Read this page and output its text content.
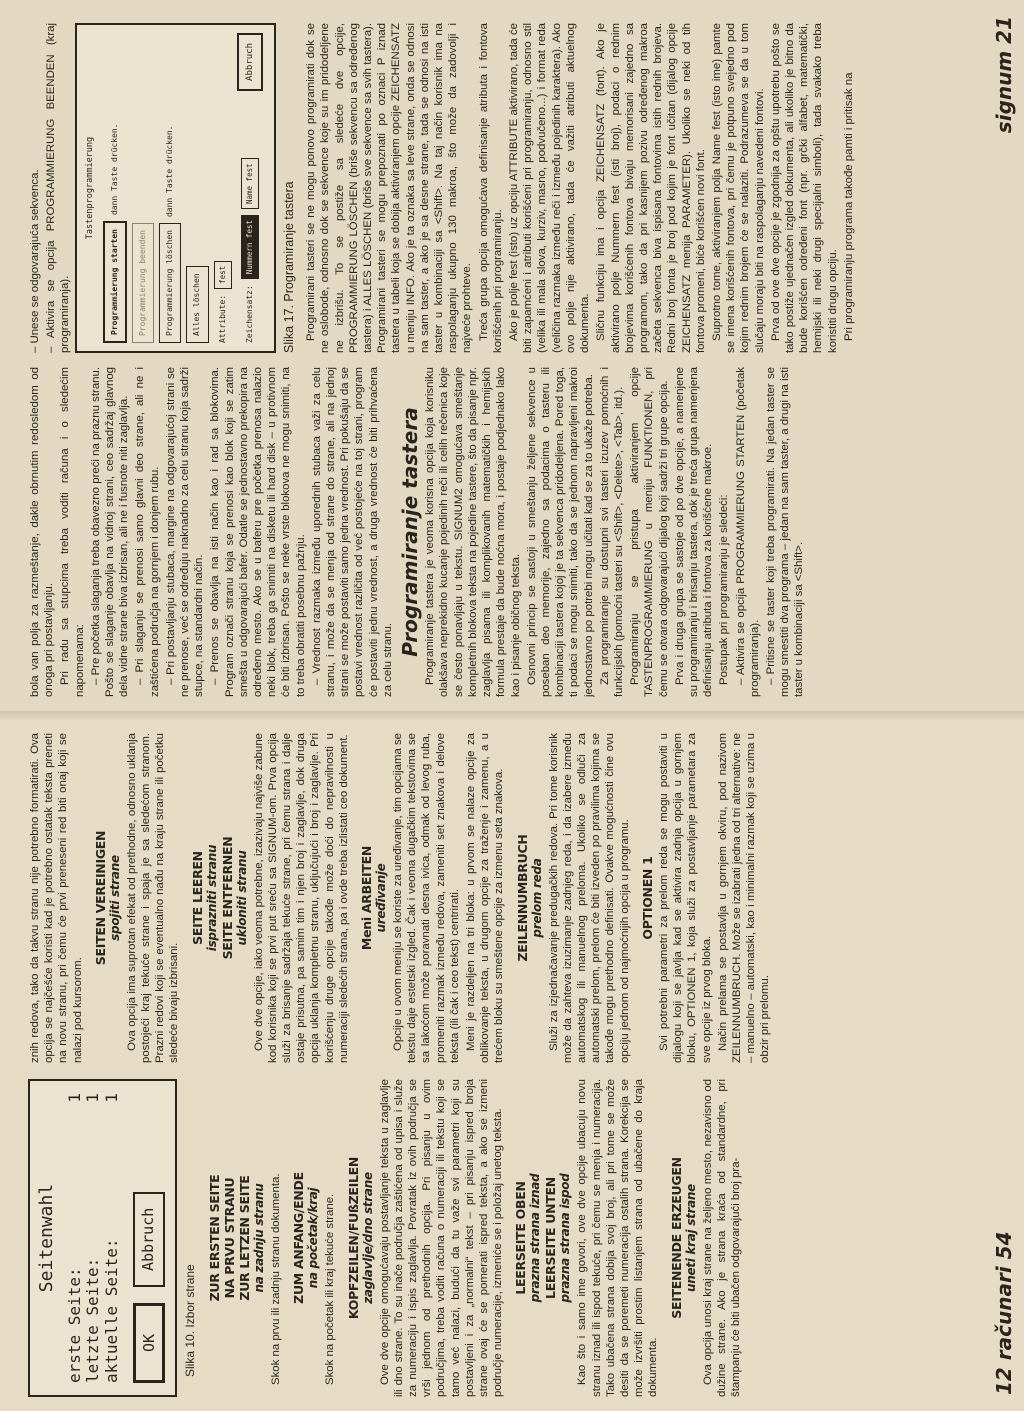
Seitenwahl
erste Seite:
1
letzte Seite:
1
aktuelle Seite:
1
OK
Abbruch
Slika 10. Izbor strane
ZUR ERSTEN SEITE NA PRVU STRANU ZUR LETZEN SEITE na zadnju stranu Skok na prvu ili zadnju stranu dokumenta. ZUM ANFANG/ENDE na početak/kraj Skok na početak ili kraj tekuće strane. KOPFZEILEN/FUßZEILEN zaglavlje/dno strane Ove dve opcije omogućavaju postavljanje teksta u zaglavlje ili dno strane. To su inače područja zaštićena od upisa i služe za numeraciju i ispis zaglavlja. Povratak iz ovih područja se vrši jednom od prethodnih opcija. Pri pisanju u ovim područjima, treba voditi računa o numeraciji ili tekstu koji se tamo već nalazi, budući da tu važe svi parametri koji su postavljeni i za „normalni“ tekst – pri pisanju ispred broja strane ovaj će se pomerati ispred teksta, a ako se izmeni područje numeracije, izmeniće se i položaj unetog teksta. LEERSEITE OBEN prazna strana iznad LEERSEITE UNTEN prazna strana ispod Kao što i samo ime govori, ove dve opcije ubacuju novu stranu iznad ili ispod tekuće, pri čemu se menja i numeracija. Tako ubačena strana dobija svoj broj, ali pri tome se može desiti da se poremeti numeracija ostalih strana. Korekcija se može izvršiti prostim listanjem strana od ubačene do kraja dokumenta.

SEITENENDE ERZEUGEN uneti kraj strane Ova opcija unosi kraj strane na željeno mesto, nezavisno od dužine strane. Ako je strana kraća od standardne, pri štampanju će biti ubačen odgovarajući broj pra-

znih redova, tako da takvu stranu nije potrebno formatirati. Ova opcija se najčešće koristi kad je potrebno ostatak teksta preneti na novu stranu, pri čemu će prvi preneseni red biti onaj koji se nalazi pod kursorom.

SEITEN VEREINIGEN spojiti strane Ova opcija ima suprotan efekat od prethodne, odnosno uklanja postojeći kraj tekuće strane i spaja je sa sledećom stranom. Prazni redovi koji se eventualno nađu na kraju strane ili početku sledeće bivaju izbrisani.

SEITE LEEREN isprazniti stranu SEITE ENTFERNEN ukloniti stranu Ove dve opcije, iako veoma potrebne, izazivaju najviše zabune kod korisnika koji se prvi put sreću sa SIGNUM-om. Prva opcija služi za brisanje sadržaja tekuće strane, pri čemu strana i dalje ostaje prisutna, pa samim tim i njen broj i zaglavlje, dok druga opcija uklanja kompletnu stranu, uključujući i broj i zaglavlje. Pri korišćenju druge opcije takođe može doći do nepravilnosti u numeraciji sledećih strana, pa i ovde treba izlistati ceo dokument. Meni ARBEITEN uređivanje Opcije u ovom meniju se koriste za uređivanje, tim opcijama se tekstu daje estetski izgled. Čak i veoma dugačkim tekstovima se sa lakoćom može poravnati desna ivica, odmak od levog ruba, promeniti razmak između redova, zameniti set znakova i delove teksta (ili čak i ceo tekst) centrirati. Meni je razdeljen na tri bloka: u prvom se nalaze opcije za oblikovanje teksta, u drugom opcije za traženje i zamenu, a u trećem bloku su smeštene opcije za izmenu seta znakova. ZEILENNUMBRUCH prelom reda Služi za izjednačavanje predugačkih redova. Pri tome korisnik može da zahteva izuzimanje zadnjeg reda, i da izabere između automatskog ili manuelnog preloma. Ukoliko se odluči za automatski prelom, prelom će biti izveden po pravilima kojima se takođe mogu prethodno definisati. Ovakve mogućnosti čine ovu opciju jednom od najmoćnijih opcija u programu. OPTIONEN 1 Svi potrebni parametri za prelom reda se mogu postaviti u dijalogu koji se javlja kad se aktivira zadnja opcija u gornjem bloku, OPTIONEN 1, koja služi za postavljanje parametara za sve opcije iz prvog bloka. Način prelama se postavlja u gornjem okviru, pod nazivom ZEILENNUMBRUCH. Može se izabrati jedna od tri alternative: ne – manuelno – automatski, kao i minimalni razmak koji se uzima u obzir pri prelomu.

12 računari 54

bola van polja za razmeštanje, dakle obrnutim redosledom od onoga pri postavljanju. Pri radu sa stupcima treba voditi računa i o sledećim napomenama: – Pre početka slaganja treba obavezno preći na praznu stranu. Pošto se slaganje obavlja na vidnoj strani, ceo sadržaj glavnog dela vidne strane biva izbrisan, ali ne i fusnote niti zaglavlja. – Pri slaganju se prenosi samo glavni deo strane, ali ne i zaštićena područja na gornjem i donjem rubu. – Pri postavljanju stubaca, margine na odgovarajućoj strani se ne prenose, već se određuju naknadno za celu stranu koja sadrži stupce, na standardni način. – Prenos se obavlja na isti način kao i rad sa blokovima. Program označi stranu koja se prenosi kao blok koji se zatim smešta u odgovarajući bafer. Odatle se jednostavno prekopira na određeno mesto. Ako se u baferu pre početka prenosa nalazio neki blok, treba ga snimiti na disketu ili hard disk – u protivnom će biti izbrisan. Pošto se neke vrste blokova ne mogu snimiti, na to treba obratiti posebnu pažnju. – Vrednost razmaka između uporednih stubaca važi za celu stranu, i može da se menja od strane do strane, ali na jednoj strani se može postaviti samo jedna vrednost. Pri pokušaju da se postavi vrednost različita od već postojeće na toj strani, program će postaviti jednu vrednost, a druga vrednost će biti prihvaćena za celu stranu.

Programiranje tastera Programiranje tastera je veoma korisna opcija koja korisniku olakšava neprekidno kucanje pojedinih reči ili celih rečenica koje se često ponavljaju u tekstu. SIGNUM2 omogućava smeštanje kompletnih blokova teksta na pojedine tastere, što da pisanje npr. zaglavlja pisama ili komplikovanih matematičkih i hemijskih formula prestaje da bude noćna mora, i postaje podjednako lako kao i pisanje običnog teksta. Osnovni princip se sastoji u smeštanju željene sekvence u poseban deo memorije, zajedno sa podacima o tasteru ili kombinaciji tastera kojoj je ta sekvenca pridodeljena. Pored toga, ti podaci se mogu snimiti, tako da se jednom napravljeni makroi jednostavno po potrebi mogu učitati kad se za to ukaže potreba. Za programiranje su dostupni svi tasteri izuzev pomoćnih i funkcijskih (pomoćni tasteri su <Shift>, <Delete>, <Tab>, itd.). Programiranju se pristupa aktiviranjem opcije TASTENPROGRAMMIERUNG u meniju FUNKTIONEN, pri čemu se otvara odgovarajući dijalog koji sadrži tri grupe opcija. Prva i druga grupa se sastoje od po dve opcije, a namenjene su programiranju i brisanju tastera, dok je treća grupa namenjena definisanju atributa i fontova za korišćene makroe. Postupak pri programiranju je sledeći: – Aktivira se opcija PROGRAMMIERUNG STARTEN (početak programiranja). – Pritisne se taster koji treba programirati. Na jedan taster se mogu smestiti dva programa – jedan na sam taster, a drugi na isti taster u kombinaciji sa <Shift>.

– Unese se odgovarajuća sekvenca. – Aktivira se opcija PROGRAMMIERUNG BEENDEN (kraj programiranja).

Tastenprogrammierung
Programmierung starten
dann Taste drücken.
Programmierung beenden	Programmierung löschen
dann Taste drücken.
Alles löschen	Attribute:
fest
Zeichensatz:
Nummern fest
Name fest
Abbruch
Slika 17. Programiranje tastera Programirani tasteri se ne mogu ponovo programirati dok se ne oslobode, odnosno dok se sekvence koje su im pridodeljene ne izbrišu. To se postiže sa sledeće dve opcije, PROGRAMMIERUNG LÖSCHEN (briše sekvencu sa određenog tastera) i ALLES LÖSCHEN (briše sve sekvence sa svih tastera). Programirani tasteri se mogu prepoznati po oznaci P iznad tastera u tabeli koja se dobija aktiviranjem opcije ZEICHENSATZ u meniju INFO. Ako je ta oznaka sa leve strane, onda se odnosi na sam taster, a ako je sa desne strane, tada se odnosi na isti taster u kombinaciji sa <Shift>. Na taj način korisnik ima na raspolaganju ukupno 130 makroa, što može da zadovolji i najveće prohteve. Treća grupa opcija omogućava definisanje atributa i fontova korišćenih pri programiranju. Ako je polje fest (isto) uz opciju ATTRIBUTE aktivirano, tada će biti zapamćeni i atributi korišćeni pri programiranju, odnosno stil (velika ili mala slova, kurziv, masno, podvučeno...) i format reda (veličina razmaka između reči i između pojedinih karaktera). Ako ovo polje nije aktivirano, tada će važiti atributi aktuelnog dokumenta. Sličnu funkciju ima i opcija ZEICHENSATZ (font). Ako je aktivirano polje Nummern fest (isti broj), podaci o rednim brojevima korišćenih fontova bivaju memorisani zajedno sa programom, tako da pri kasnijem pozivu određenog makroa začeta sekvenca biva ispisana fontovima istih rednih brojeva. Redni broj fonta je broj pod kojim je font učitan (dijalog opcije ZEICHENSATZ menija PARAMETER). Ukoliko se neki od tih fontova promeni, biće korišćen novi font. Suprotno tome, aktiviranjem polja Name fest (isto ime) pamte se imena korišćenih fontova, pri čemu je potpuno svejedno pod kojim rednim brojem će se nalaziti. Podrazumeva se da u tom slučaju moraju biti na raspolaganju navedeni fontovi. Prva od ove dve opcije je zgodnija za opštu upotrebu pošto se tako postiže ujednačen izgled dokumenta, ali ukoliko je bitno da bude korišćen određeni font (npr. grčki alfabet, matematički, hemijski ili neki drugi specijalni simboli), tada svakako treba koristiti drugu opciju. Pri programiranju programa takođe pamti i pritisak na	signum 21
